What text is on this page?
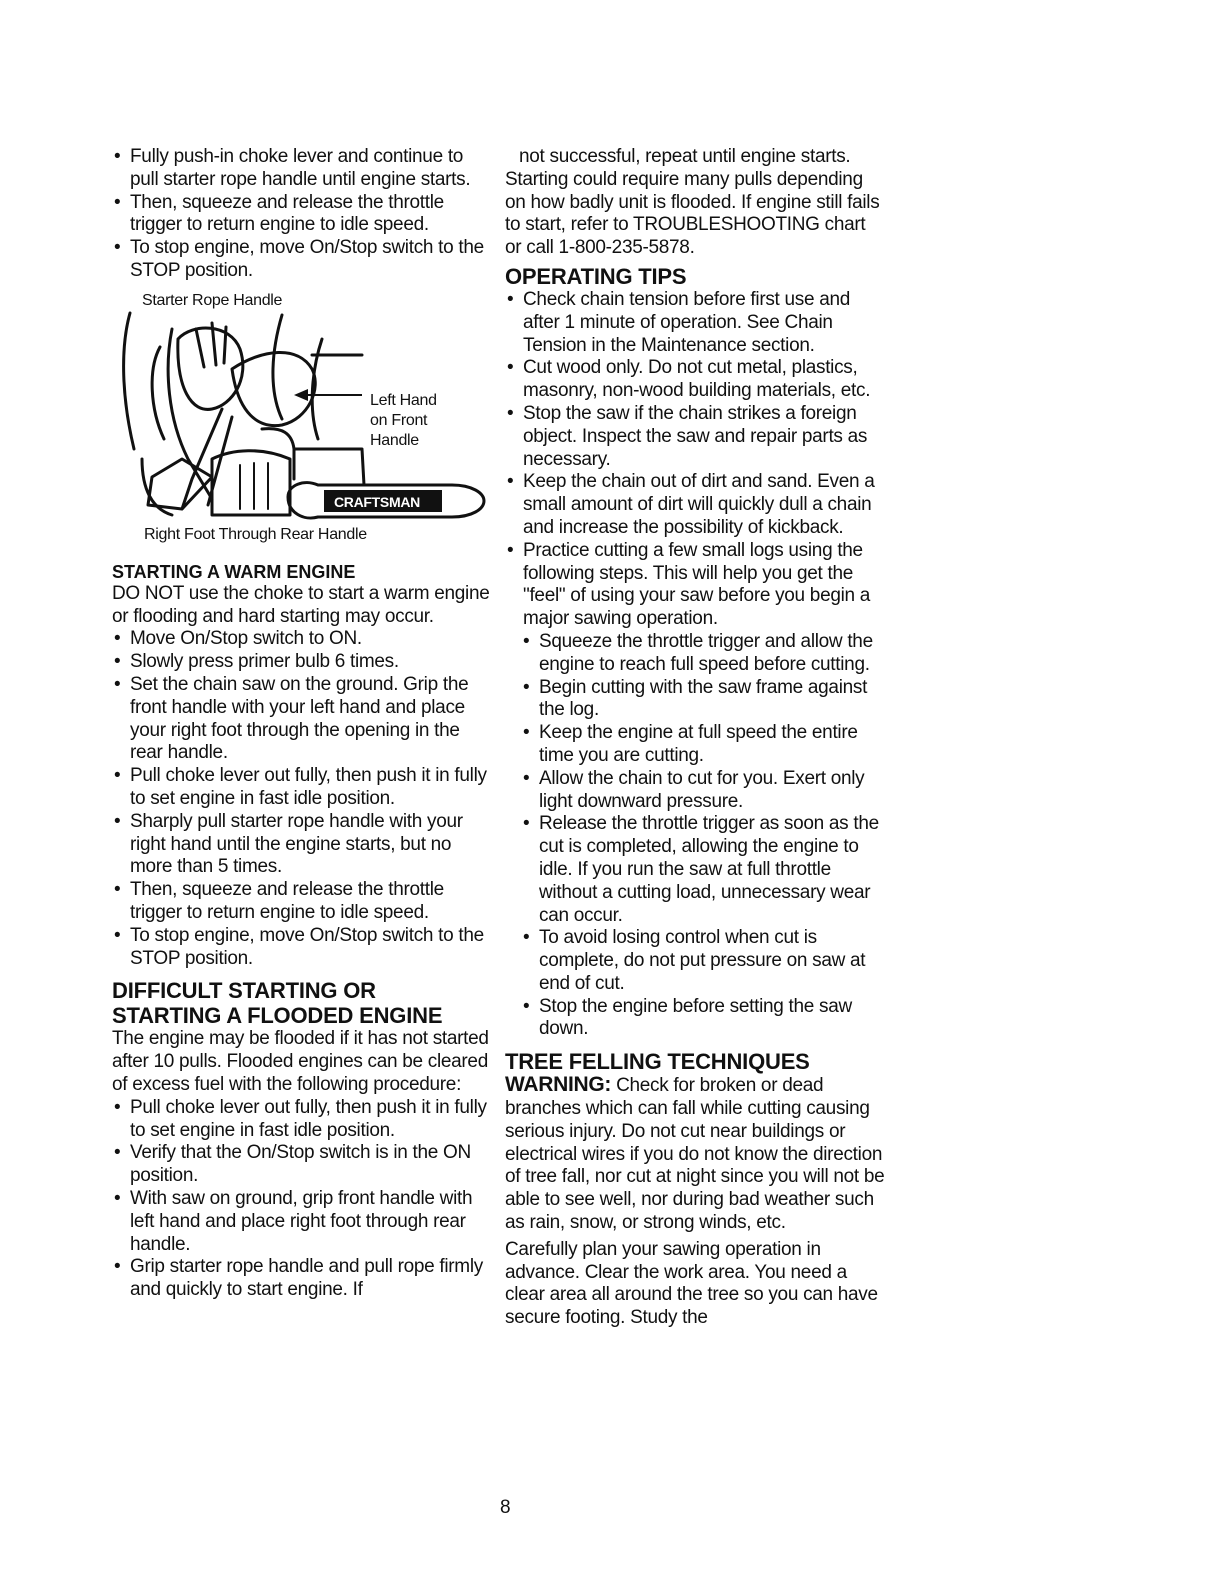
• Fully push-in choke lever and continue to pull starter rope handle until engine starts.
• Then, squeeze and release the throttle trigger to return engine to idle speed.
• To stop engine, move On/Stop switch to the STOP position.
Starter Rope Handle
CRAFTSMAN
Left Hand
on Front
Handle
Right Foot Through Rear Handle
STARTING A WARM ENGINE

DO NOT use the choke to start a warm engine or flooding and hard starting may occur.

• Move On/Stop switch to ON.
• Slowly press primer bulb 6 times.
• Set the chain saw on the ground. Grip the front handle with your left hand and place your right foot through the opening in the rear handle.
• Pull choke lever out fully, then push it in fully to set engine in fast idle position.
• Sharply pull starter rope handle with your right hand until the engine starts, but no more than 5 times.
• Then, squeeze and release the throttle trigger to return engine to idle speed.
• To stop engine, move On/Stop switch to the STOP position.
DIFFICULT STARTING OR
STARTING A FLOODED ENGINE

The engine may be flooded if it has not started after 10 pulls. Flooded engines can be cleared of excess fuel with the following procedure:

• Pull choke lever out fully, then push it in fully to set engine in fast idle position.
• Verify that the On/Stop switch is in the ON position.
• With saw on ground, grip front handle with left hand and place right foot through rear handle.
• Grip starter rope handle and pull rope firmly and quickly to start engine. If

not successful, repeat until engine starts.

Starting could require many pulls depending on how badly unit is flooded. If engine still fails to start, refer to TROUBLESHOOTING chart or call 1-800-235-5878.

OPERATING TIPS
• Check chain tension before first use and after 1 minute of operation. See Chain Tension in the Maintenance section.
• Cut wood only. Do not cut metal, plastics, masonry, non-wood building materials, etc.
• Stop the saw if the chain strikes a foreign object. Inspect the saw and repair parts as necessary.
• Keep the chain out of dirt and sand. Even a small amount of dirt will quickly dull a chain and increase the possibility of kickback.
• Practice cutting a few small logs using the following steps. This will help you get the "feel" of using your saw before you begin a major sawing operation.
• Squeeze the throttle trigger and allow the engine to reach full speed before cutting.
• Begin cutting with the saw frame against the log.
• Keep the engine at full speed the entire time you are cutting.
• Allow the chain to cut for you. Exert only light downward pressure.
• Release the throttle trigger as soon as the cut is completed, allowing the engine to idle. If you run the saw at full throttle without a cutting load, unnecessary wear can occur.
• To avoid losing control when cut is complete, do not put pressure on saw at end of cut.
• Stop the engine before setting the saw down.
TREE FELLING TECHNIQUES

WARNING: Check for broken or dead branches which can fall while cutting causing serious injury. Do not cut near buildings or electrical wires if you do not know the direction of tree fall, nor cut at night since you will not be able to see well, nor during bad weather such as rain, snow, or strong winds, etc.

Carefully plan your sawing operation in advance. Clear the work area. You need a clear area all around the tree so you can have secure footing. Study the

8
